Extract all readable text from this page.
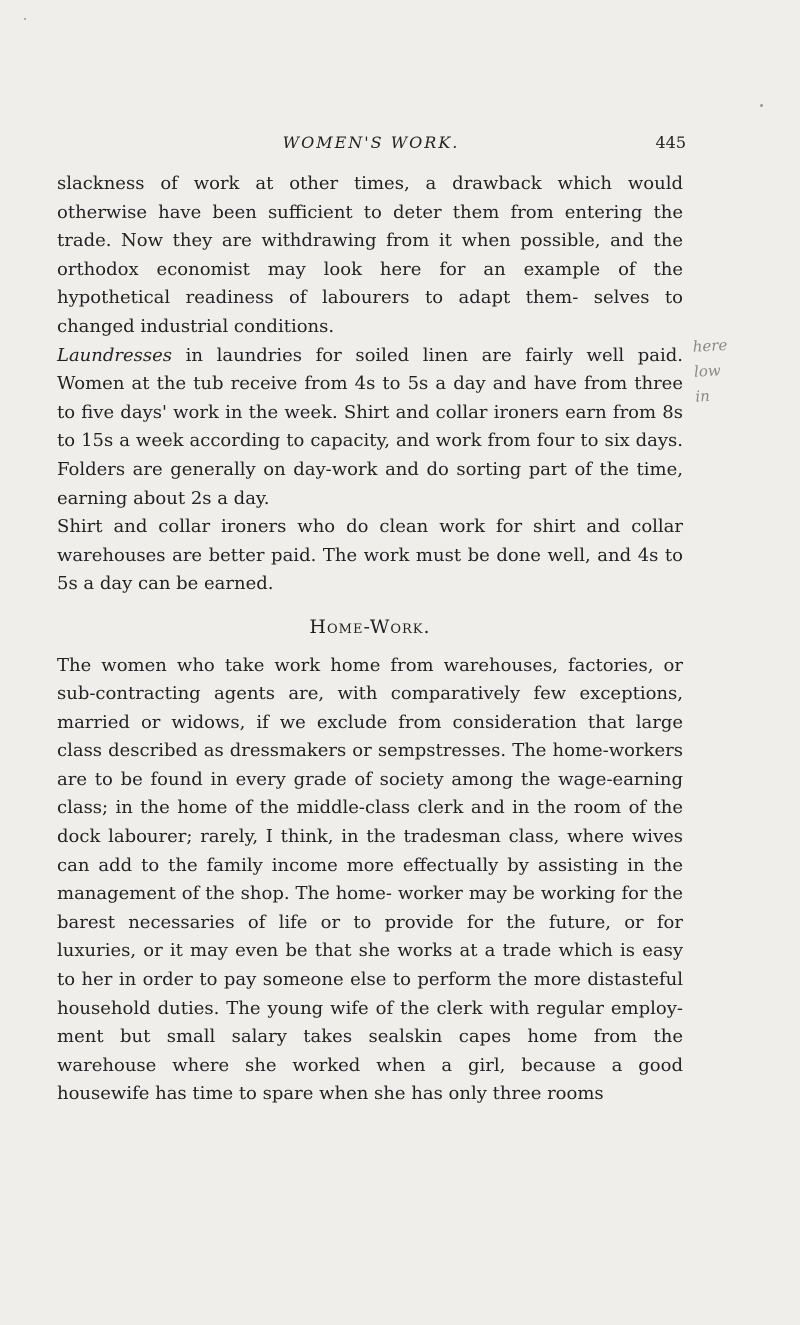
WOMEN'S WORK.	445

slackness of work at other times, a drawback which would otherwise have been sufficient to deter them from entering the trade. Now they are withdrawing from it when possible, and the orthodox economist may look here for an example of the hypothetical readiness of labourers to adapt them- selves to changed industrial conditions.

Laundresses in laundries for soiled linen are fairly well paid. Women at the tub receive from 4s to 5s a day and have from three to five days' work in the week. Shirt and collar ironers earn from 8s to 15s a week according to capacity, and work from four to six days. Folders are generally on day-work and do sorting part of the time, earning about 2s a day.

Shirt and collar ironers who do clean work for shirt and collar warehouses are better paid. The work must be done well, and 4s to 5s a day can be earned.

Home-Work.

The women who take work home from warehouses, factories, or sub-contracting agents are, with comparatively few exceptions, married or widows, if we exclude from consideration that large class described as dressmakers or sempstresses. The home-workers are to be found in every grade of society among the wage-earning class; in the home of the middle-class clerk and in the room of the dock labourer; rarely, I think, in the tradesman class, where wives can add to the family income more effectually by assisting in the management of the shop. The home- worker may be working for the barest necessaries of life or to provide for the future, or for luxuries, or it may even be that she works at a trade which is easy to her in order to pay someone else to perform the more distasteful household duties. The young wife of the clerk with regular employ- ment but small salary takes sealskin capes home from the warehouse where she worked when a girl, because a good housewife has time to spare when she has only three rooms

here
low
in
